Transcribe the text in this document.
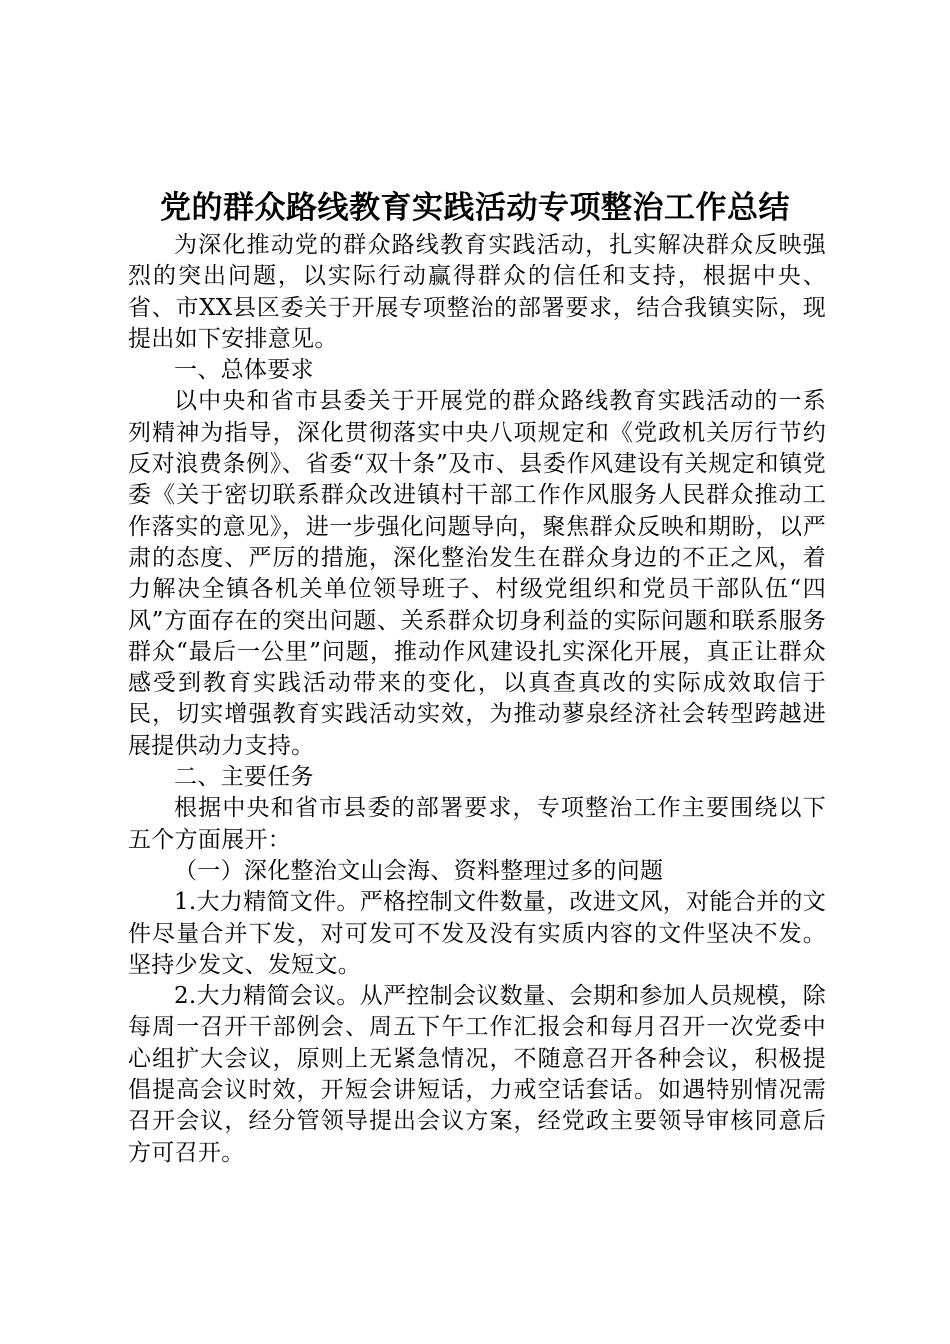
党的群众路线教育实践活动专项整治工作总结

为深化推动党的群众路线教育实践活动，扎实解决群众反映强烈的突出问题，以实际行动赢得群众的信任和支持，根据中央、省、市XX县区委关于开展专项整治的部署要求，结合我镇实际，现提出如下安排意见。

一、总体要求

以中央和省市县委关于开展党的群众路线教育实践活动的一系列精神为指导，深化贯彻落实中央八项规定和《党政机关厉行节约反对浪费条例》、省委“双十条”及市、县委作风建设有关规定和镇党委《关于密切联系群众改进镇村干部工作作风服务人民群众推动工作落实的意见》，进一步强化问题导向，聚焦群众反映和期盼，以严肃的态度、严厉的措施，深化整治发生在群众身边的不正之风，着力解决全镇各机关单位领导班子、村级党组织和党员干部队伍“四风”方面存在的突出问题、关系群众切身利益的实际问题和联系服务群众“最后一公里”问题，推动作风建设扎实深化开展，真正让群众感受到教育实践活动带来的变化，以真查真改的实际成效取信于民，切实增强教育实践活动实效，为推动蓼泉经济社会转型跨越进展提供动力支持。

二、主要任务

根据中央和省市县委的部署要求，专项整治工作主要围绕以下五个方面展开：

（一）深化整治文山会海、资料整理过多的问题

1.大力精简文件。严格控制文件数量，改进文风，对能合并的文件尽量合并下发，对可发可不发及没有实质内容的文件坚决不发。坚持少发文、发短文。

2.大力精简会议。从严控制会议数量、会期和参加人员规模，除每周一召开干部例会、周五下午工作汇报会和每月召开一次党委中心组扩大会议，原则上无紧急情况，不随意召开各种会议，积极提倡提高会议时效，开短会讲短话，力戒空话套话。如遇特别情况需召开会议，经分管领导提出会议方案，经党政主要领导审核同意后方可召开。
